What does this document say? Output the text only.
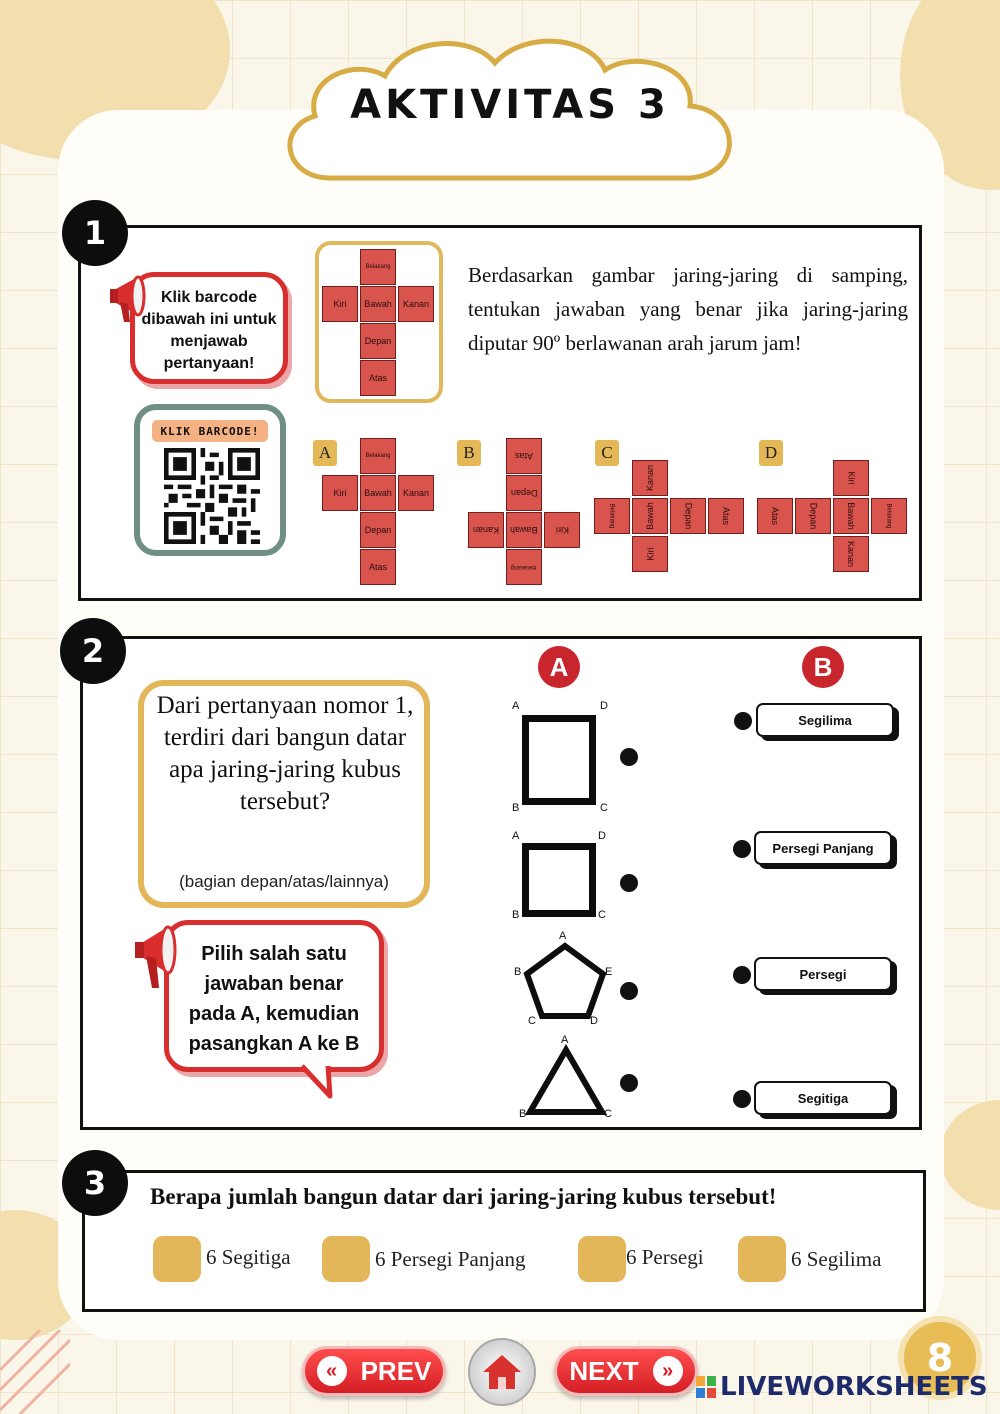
AKTIVITAS 3
1
Klik barcode dibawah ini untuk menjawab pertanyaan!
KLIK BARCODE!
Belakang
Kiri	Bawah	Kanan
Depan
Atas
Berdasarkan gambar jaring-jaring di samping, tentukan jawaban yang benar jika jaring-jaring diputar 90º berlawanan arah jarum jam!
A	Belakang
Kiri	Bawah	Kanan
Depan
Atas
B	Atas
Depan
Kanan Bawah Kiri
Belakang
C
Kanan
Belakang	Bawah	Depan	Atas
Kiri
D
Kiri
Atas	Depan	Bawah	Belakang
Kanan
2
Dari pertanyaan nomor 1, terdiri dari bangun datar apa jaring-jaring kubus tersebut?
(bagian depan/atas/lainnya)
Pilih salah satu jawaban benar pada A, kemudian pasangkan A ke B
A	B
A	D
B	C
A	D
B	C
A
B	E
C	D
A
B	C
Segilima
Persegi Panjang
Persegi
Segitiga
3	Berapa jumlah bangun datar dari jaring-jaring kubus tersebut!
6 Segitiga	6 Persegi Panjang	6 Persegi	6 Segilima
« PREV	NEXT	»	8
LIVEWORKSHEETS
